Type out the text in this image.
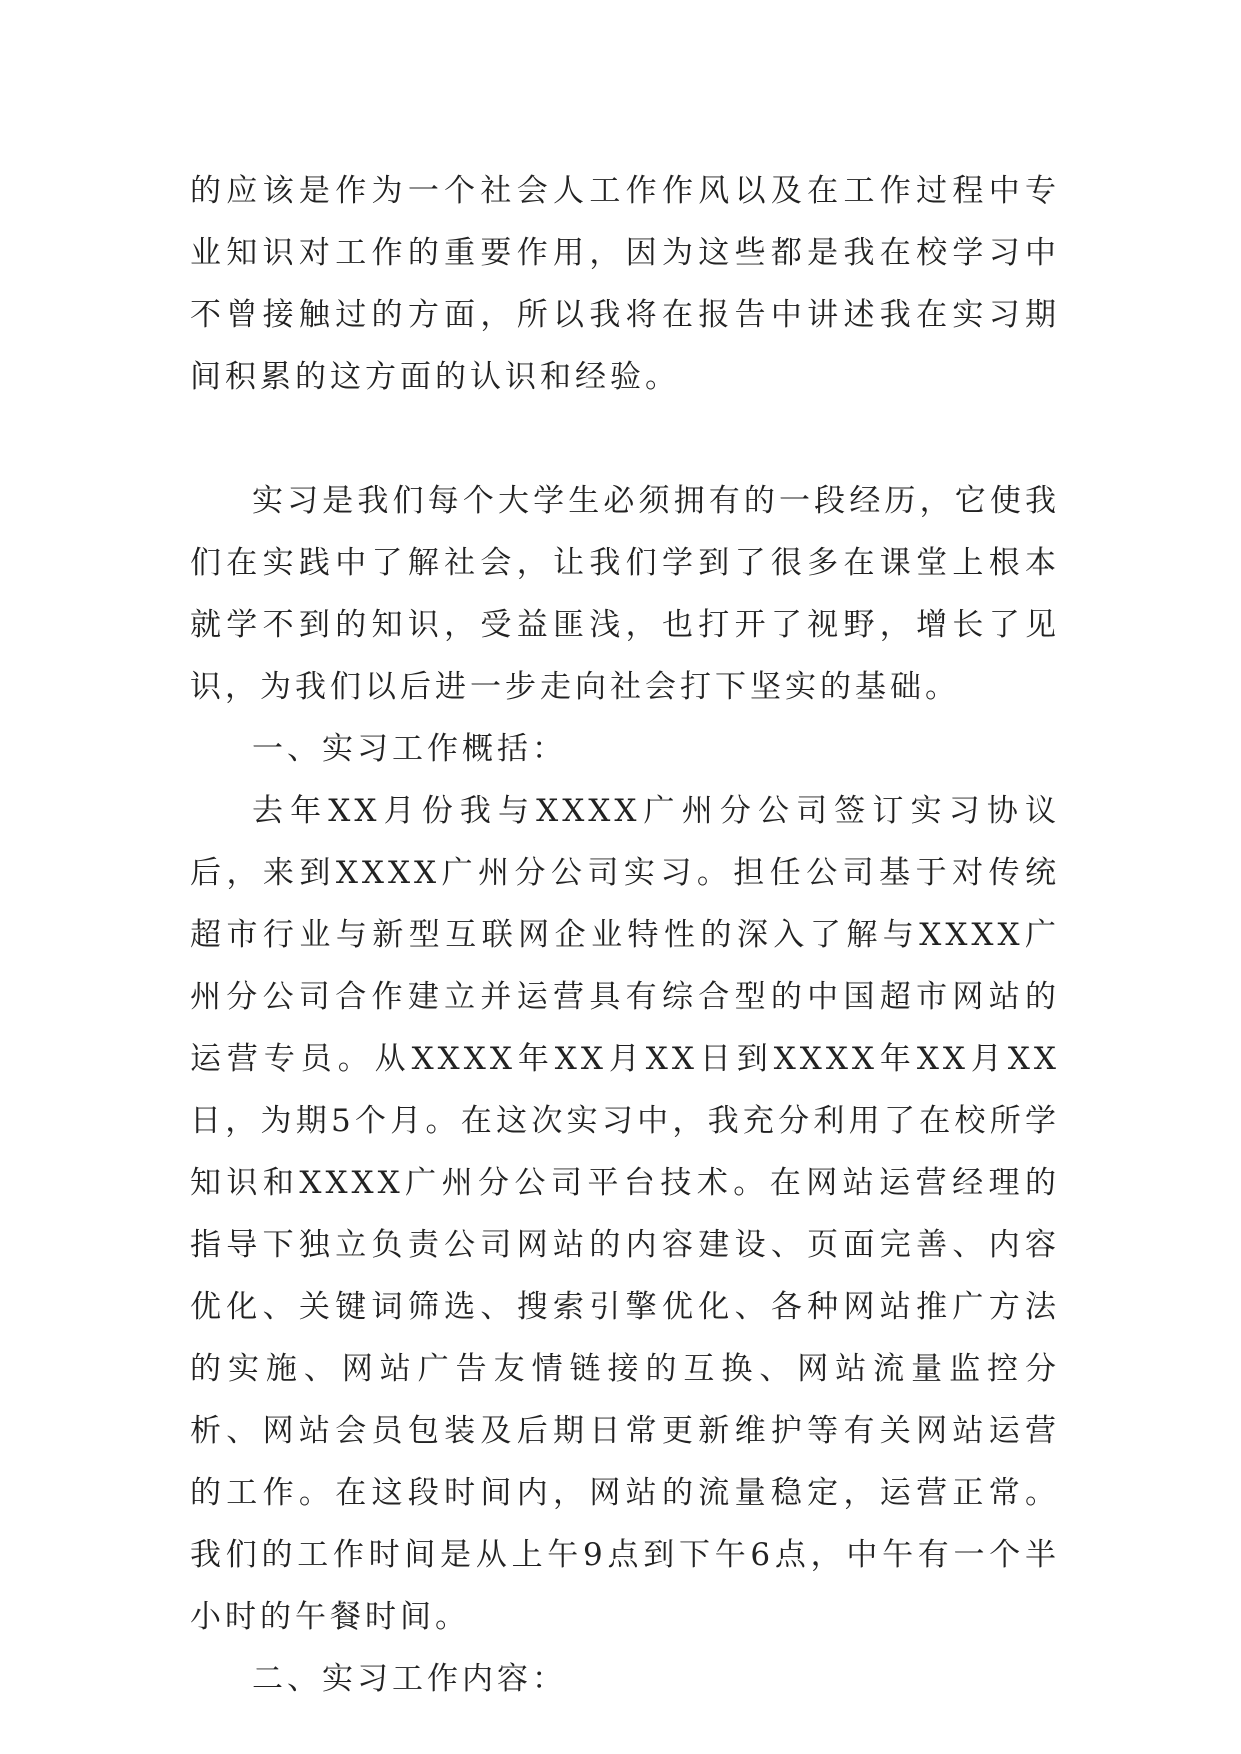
的应该是作为一个社会人工作作风以及在工作过程中专业知识对工作的重要作用，因为这些都是我在校学习中不曾接触过的方面，所以我将在报告中讲述我在实习期间积累的这方面的认识和经验。

实习是我们每个大学生必须拥有的一段经历，它使我们在实践中了解社会，让我们学到了很多在课堂上根本就学不到的知识，受益匪浅，也打开了视野，增长了见识，为我们以后进一步走向社会打下坚实的基础。

一、实习工作概括：

去年XX月份我与XXXX广州分公司签订实习协议后，来到XXXX广州分公司实习。担任公司基于对传统超市行业与新型互联网企业特性的深入了解与XXXX广州分公司合作建立并运营具有综合型的中国超市网站的运营专员。从XXXX年XX月XX日到XXXX年XX月XX日，为期5个月。在这次实习中，我充分利用了在校所学知识和XXXX广州分公司平台技术。在网站运营经理的指导下独立负责公司网站的内容建设、页面完善、内容优化、关键词筛选、搜索引擎优化、各种网站推广方法的实施、网站广告友情链接的互换、网站流量监控分析、网站会员包装及后期日常更新维护等有关网站运营的工作。在这段时间内，网站的流量稳定，运营正常。我们的工作时间是从上午9点到下午6点，中午有一个半小时的午餐时间。

二、实习工作内容：
